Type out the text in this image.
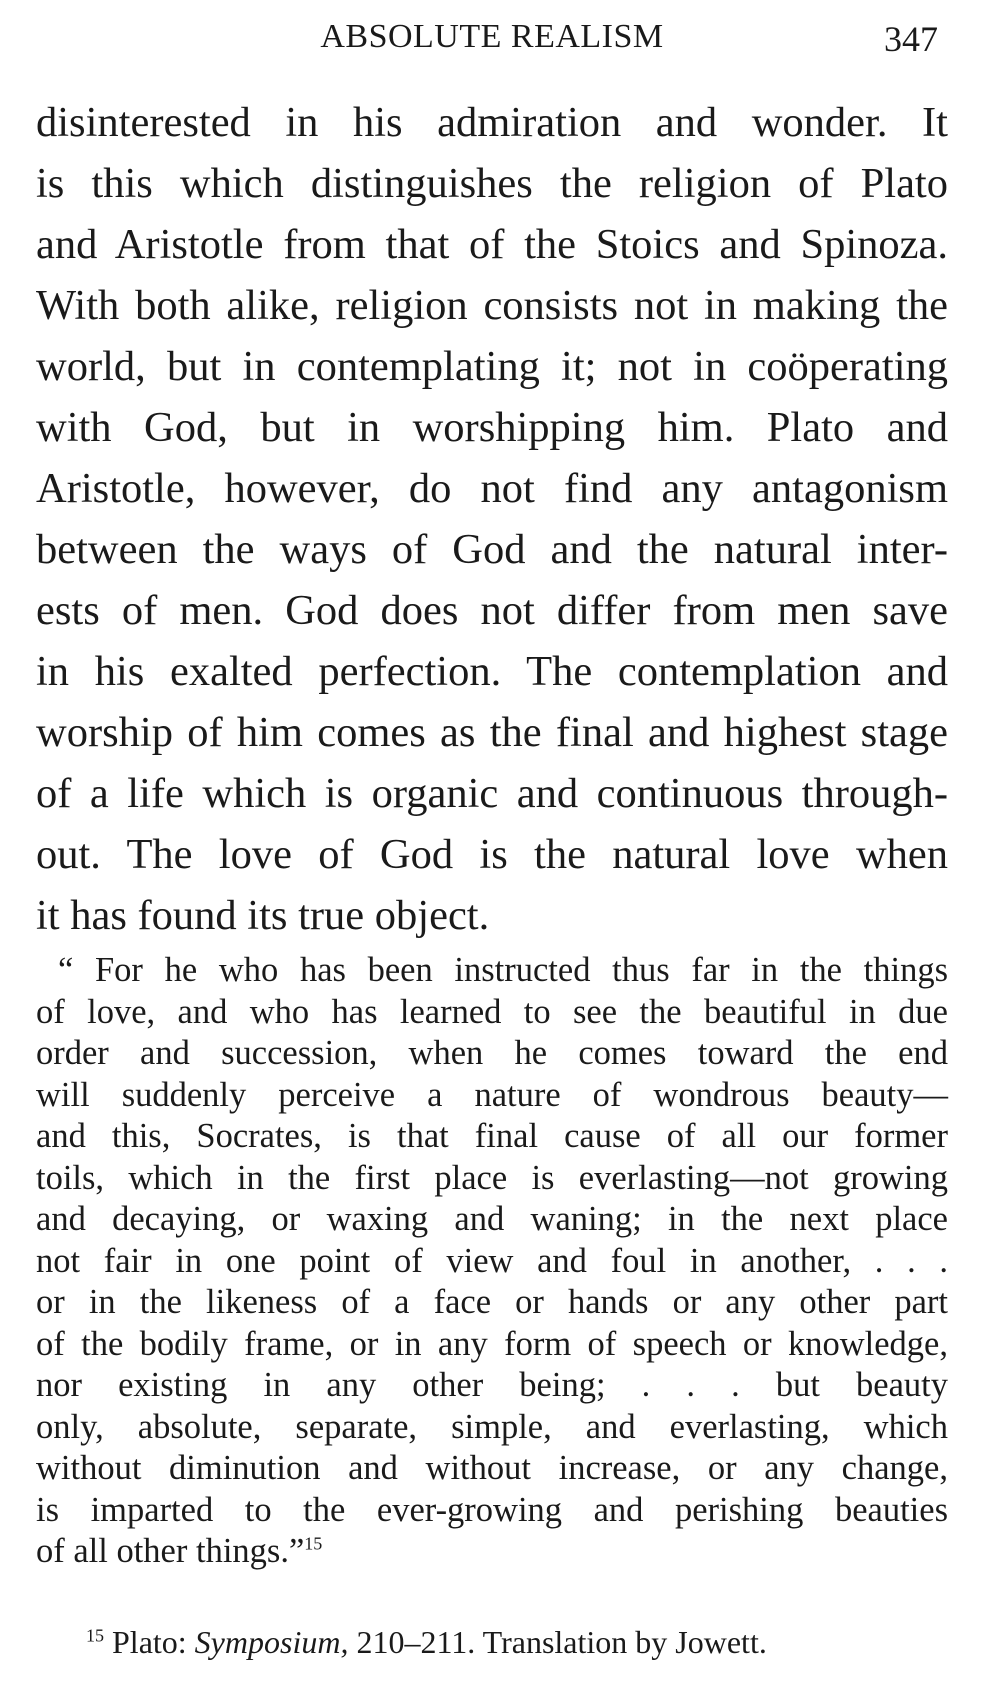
ABSOLUTE REALISM	347
disinterested in his admiration and wonder. It
is this which distinguishes the religion of Plato
and Aristotle from that of the Stoics and Spinoza.
With both alike, religion consists not in making the
world, but in contemplating it; not in coöperating
with God, but in worshipping him. Plato and
Aristotle, however, do not find any antagonism
between the ways of God and the natural inter-
ests of men. God does not differ from men save
in his exalted perfection. The contemplation and
worship of him comes as the final and highest stage
of a life which is organic and continuous through-
out. The love of God is the natural love when
it has found its true object.
“ For he who has been instructed thus far in the things
of love, and who has learned to see the beautiful in due
order and succession, when he comes toward the end
will suddenly perceive a nature of wondrous beauty—
and this, Socrates, is that final cause of all our former
toils, which in the first place is everlasting—not growing
and decaying, or waxing and waning; in the next place
not fair in one point of view and foul in another, . . .
or in the likeness of a face or hands or any other part
of the bodily frame, or in any form of speech or knowledge,
nor existing in any other being; . . . but beauty
only, absolute, separate, simple, and everlasting, which
without diminution and without increase, or any change,
is imparted to the ever-growing and perishing beauties
of all other things.”$^{15}$
$^{15}$ Plato: Symposium, 210–211. Translation by Jowett.
